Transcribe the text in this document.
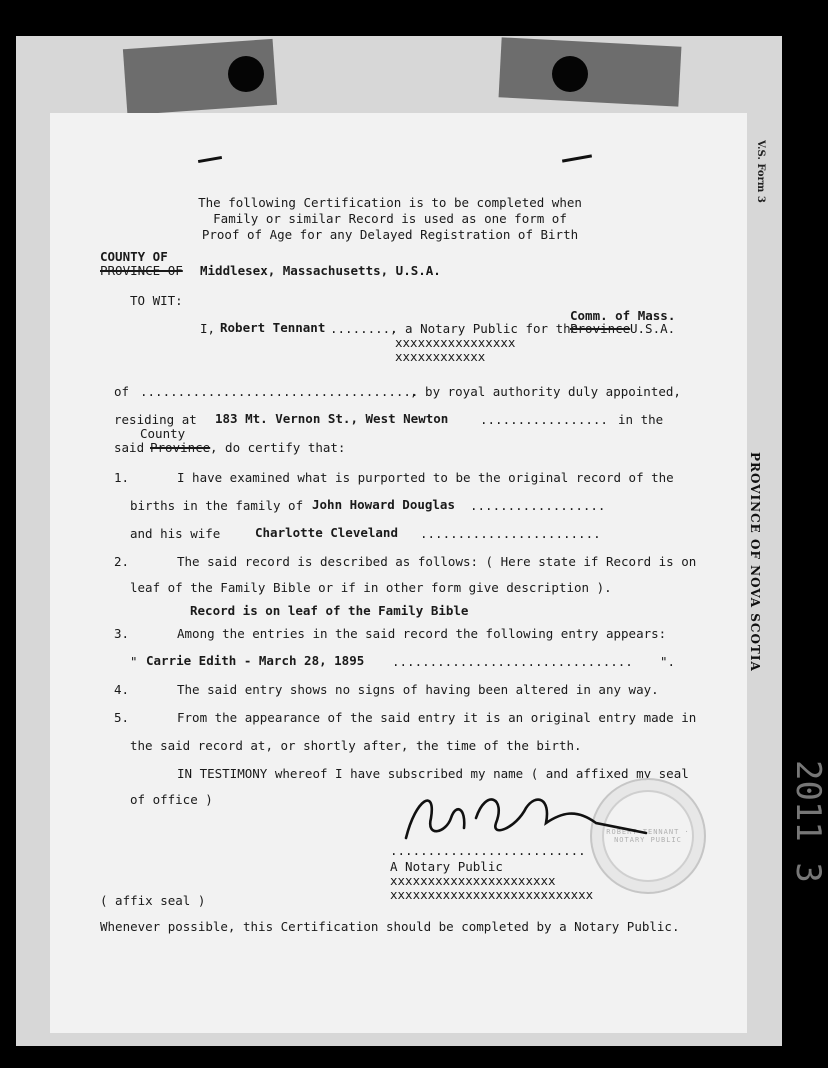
V.S. Form 3
PROVINCE OF NOVA SCOTIA
2011 3

The following Certification is to be completed when
Family or similar Record is used as one form of
Proof of Age for any Delayed Registration of Birth
COUNTY OF
PROVINCE OF Middlesex, Massachusetts, U.S.A.
TO WIT:
Comm. of Mass.
I, Robert Tennant .........
, a Notary Public for the
Province U.S.A.
xxxxxxxxxxxxxxxx
xxxxxxxxxxxx
of .....................................
, by royal authority duly appointed,
residing at 183 Mt. Vernon St., West Newton	................. in the
County
said Province , do certify that:
1.	I have examined what is purported to be the original record of the
births in the family of John Howard Douglas ..................
and his wife	Charlotte Cleveland ........................
2.	The said record is described as follows: ( Here state if Record is on
leaf of the Family Bible or if in other form give description ).
Record is on leaf of the Family Bible
3.	Among the entries in the said record the following entry appears:
" Carrie Edith - March 28, 1895 ................................ ".
4.	The said entry shows no signs of having been altered in any way.
5.	From the appearance of the said entry it is an original entry made in
the said record at, or shortly after, the time of the birth.
IN TESTIMONY whereof I have subscribed my name ( and affixed my seal
of office )
..........................
A Notary Public
xxxxxxxxxxxxxxxxxxxxxx
xxxxxxxxxxxxxxxxxxxxxxxxxxx
( affix seal )
Whenever possible, this Certification should be completed by a Notary Public.
ROBERT TENNANT · NOTARY PUBLIC
